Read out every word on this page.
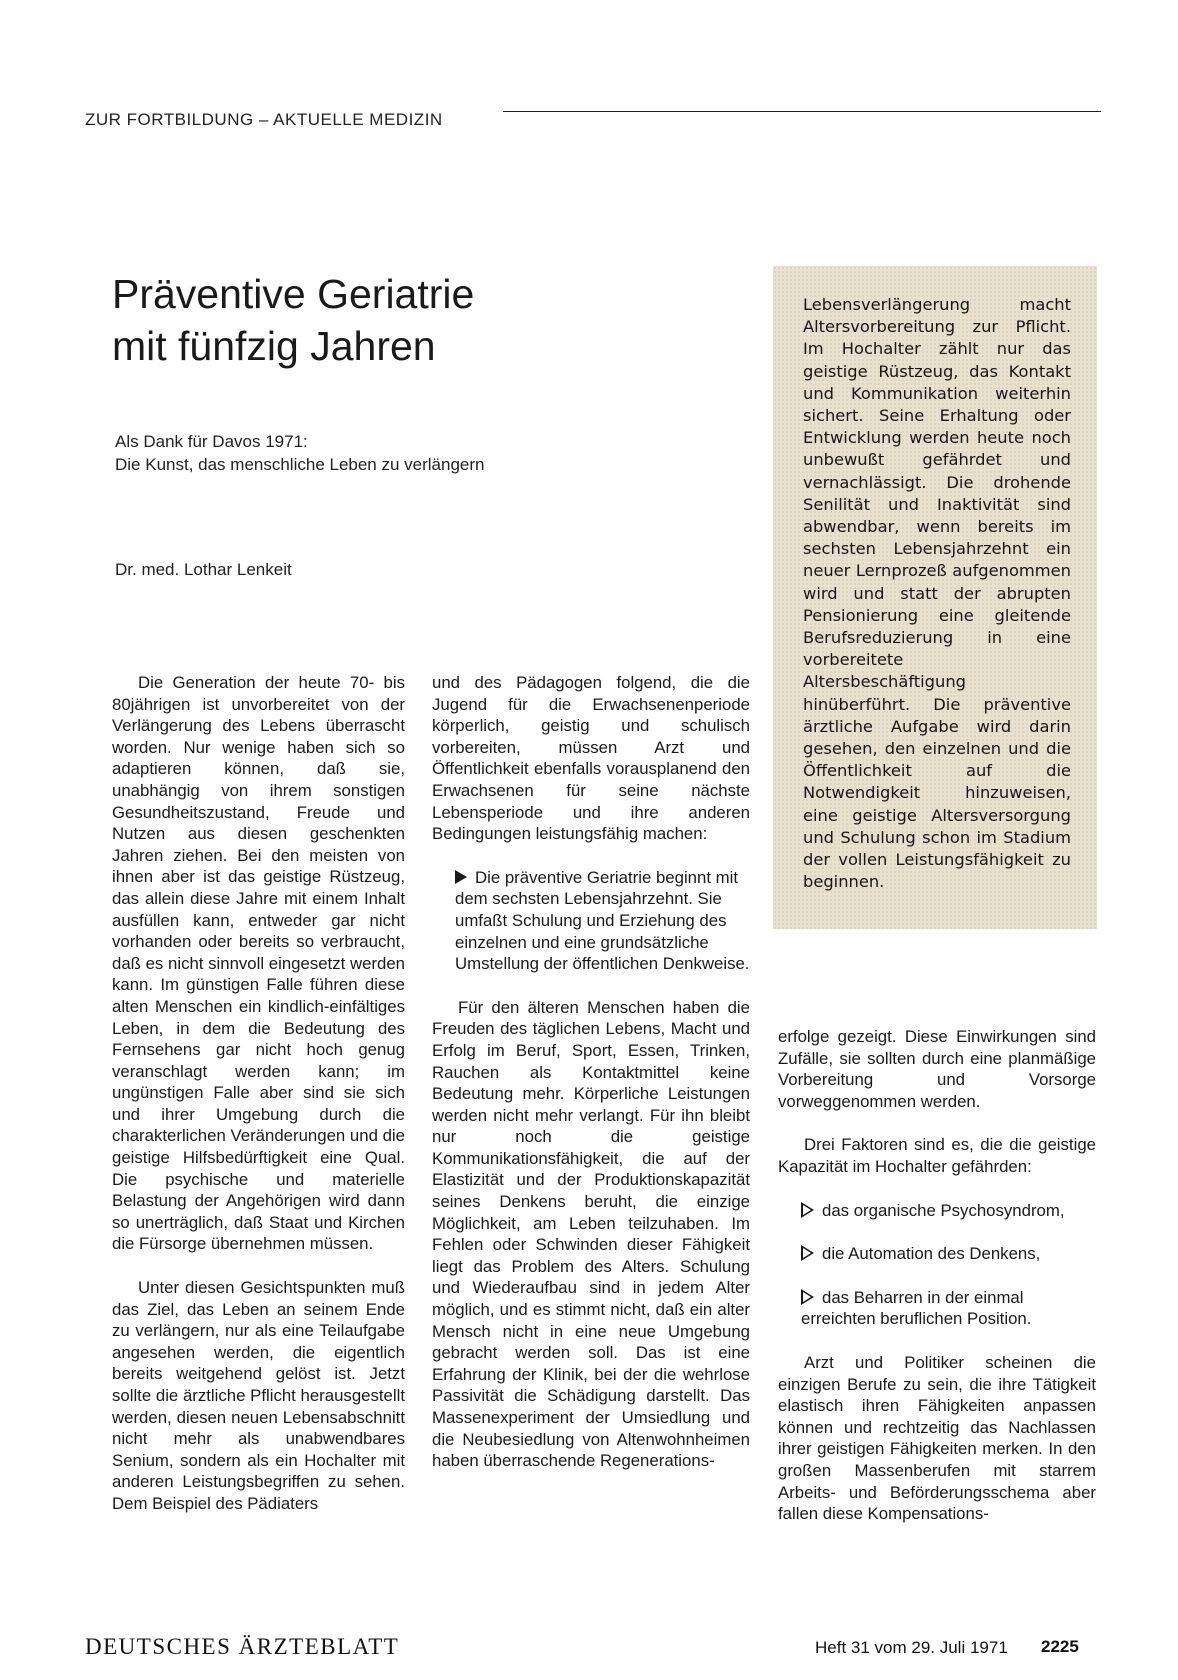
ZUR FORTBILDUNG – AKTUELLE MEDIZIN
Präventive Geriatrie
mit fünfzig Jahren
Als Dank für Davos 1971:
Die Kunst, das menschliche Leben zu verlängern
Dr. med. Lothar Lenkeit

Lebensverlängerung macht Altersvorbereitung zur Pflicht. Im Hochalter zählt nur das geistige Rüstzeug, das Kontakt und Kommunikation weiterhin sichert. Seine Erhaltung oder Entwicklung werden heute noch unbewußt gefährdet und vernachlässigt. Die drohende Senilität und Inaktivität sind abwendbar, wenn bereits im sechsten Lebensjahrzehnt ein neuer Lernprozeß aufgenommen wird und statt der abrupten Pensionierung eine gleitende Berufsreduzierung in eine vorbereitete Altersbeschäftigung hinüberführt. Die präventive ärztliche Aufgabe wird darin gesehen, den einzelnen und die Öffentlichkeit auf die Notwendigkeit hinzuweisen, eine geistige Altersversorgung und Schulung schon im Stadium der vollen Leistungsfähigkeit zu beginnen.

Die Generation der heute 70- bis 80jährigen ist unvorbereitet von der Verlängerung des Lebens überrascht worden. Nur wenige haben sich so adaptieren können, daß sie, unabhängig von ihrem sonstigen Gesundheitszustand, Freude und Nutzen aus diesen geschenkten Jahren ziehen. Bei den meisten von ihnen aber ist das geistige Rüstzeug, das allein diese Jahre mit einem Inhalt ausfüllen kann, entweder gar nicht vorhanden oder bereits so verbraucht, daß es nicht sinnvoll eingesetzt werden kann. Im günstigen Falle führen diese alten Menschen ein kindlich-einfältiges Leben, in dem die Bedeutung des Fernsehens gar nicht hoch genug veranschlagt werden kann; im ungünstigen Falle aber sind sie sich und ihrer Umgebung durch die charakterlichen Veränderungen und die geistige Hilfsbedürftigkeit eine Qual. Die psychische und materielle Belastung der Angehörigen wird dann so unerträglich, daß Staat und Kirchen die Fürsorge übernehmen müssen.

Unter diesen Gesichtspunkten muß das Ziel, das Leben an seinem Ende zu verlängern, nur als eine Teilaufgabe angesehen werden, die eigentlich bereits weitgehend gelöst ist. Jetzt sollte die ärztliche Pflicht herausgestellt werden, diesen neuen Lebensabschnitt nicht mehr als unabwendbares Senium, sondern als ein Hochalter mit anderen Leistungsbegriffen zu sehen. Dem Beispiel des Pädiaters

und des Pädagogen folgend, die die Jugend für die Erwachsenenperiode körperlich, geistig und schulisch vorbereiten, müssen Arzt und Öffentlichkeit ebenfalls vorausplanend den Erwachsenen für seine nächste Lebensperiode und ihre anderen Bedingungen leistungsfähig machen:

Die präventive Geriatrie beginnt mit dem sechsten Lebensjahrzehnt. Sie umfaßt Schulung und Erziehung des einzelnen und eine grundsätzliche Umstellung der öffentlichen Denkweise.

Für den älteren Menschen haben die Freuden des täglichen Lebens, Macht und Erfolg im Beruf, Sport, Essen, Trinken, Rauchen als Kontaktmittel keine Bedeutung mehr. Körperliche Leistungen werden nicht mehr verlangt. Für ihn bleibt nur noch die geistige Kommunikationsfähigkeit, die auf der Elastizität und der Produktionskapazität seines Denkens beruht, die einzige Möglichkeit, am Leben teilzuhaben. Im Fehlen oder Schwinden dieser Fähigkeit liegt das Problem des Alters. Schulung und Wiederaufbau sind in jedem Alter möglich, und es stimmt nicht, daß ein alter Mensch nicht in eine neue Umgebung gebracht werden soll. Das ist eine Erfahrung der Klinik, bei der die wehrlose Passivität die Schädigung darstellt. Das Massenexperiment der Umsiedlung und die Neubesiedlung von Altenwohnheimen haben überraschende Regenerations-

erfolge gezeigt. Diese Einwirkungen sind Zufälle, sie sollten durch eine planmäßige Vorbereitung und Vorsorge vorweggenommen werden.

Drei Faktoren sind es, die die geistige Kapazität im Hochalter gefährden:

das organische Psychosyndrom,

die Automation des Denkens,

das Beharren in der einmal erreichten beruflichen Position.

Arzt und Politiker scheinen die einzigen Berufe zu sein, die ihre Tätigkeit elastisch ihren Fähigkeiten anpassen können und rechtzeitig das Nachlassen ihrer geistigen Fähigkeiten merken. In den großen Massenberufen mit starrem Arbeits- und Beförderungsschema aber fallen diese Kompensations-

DEUTSCHES ÄRZTEBLATT	Heft 31 vom 29. Juli 1971 2225
